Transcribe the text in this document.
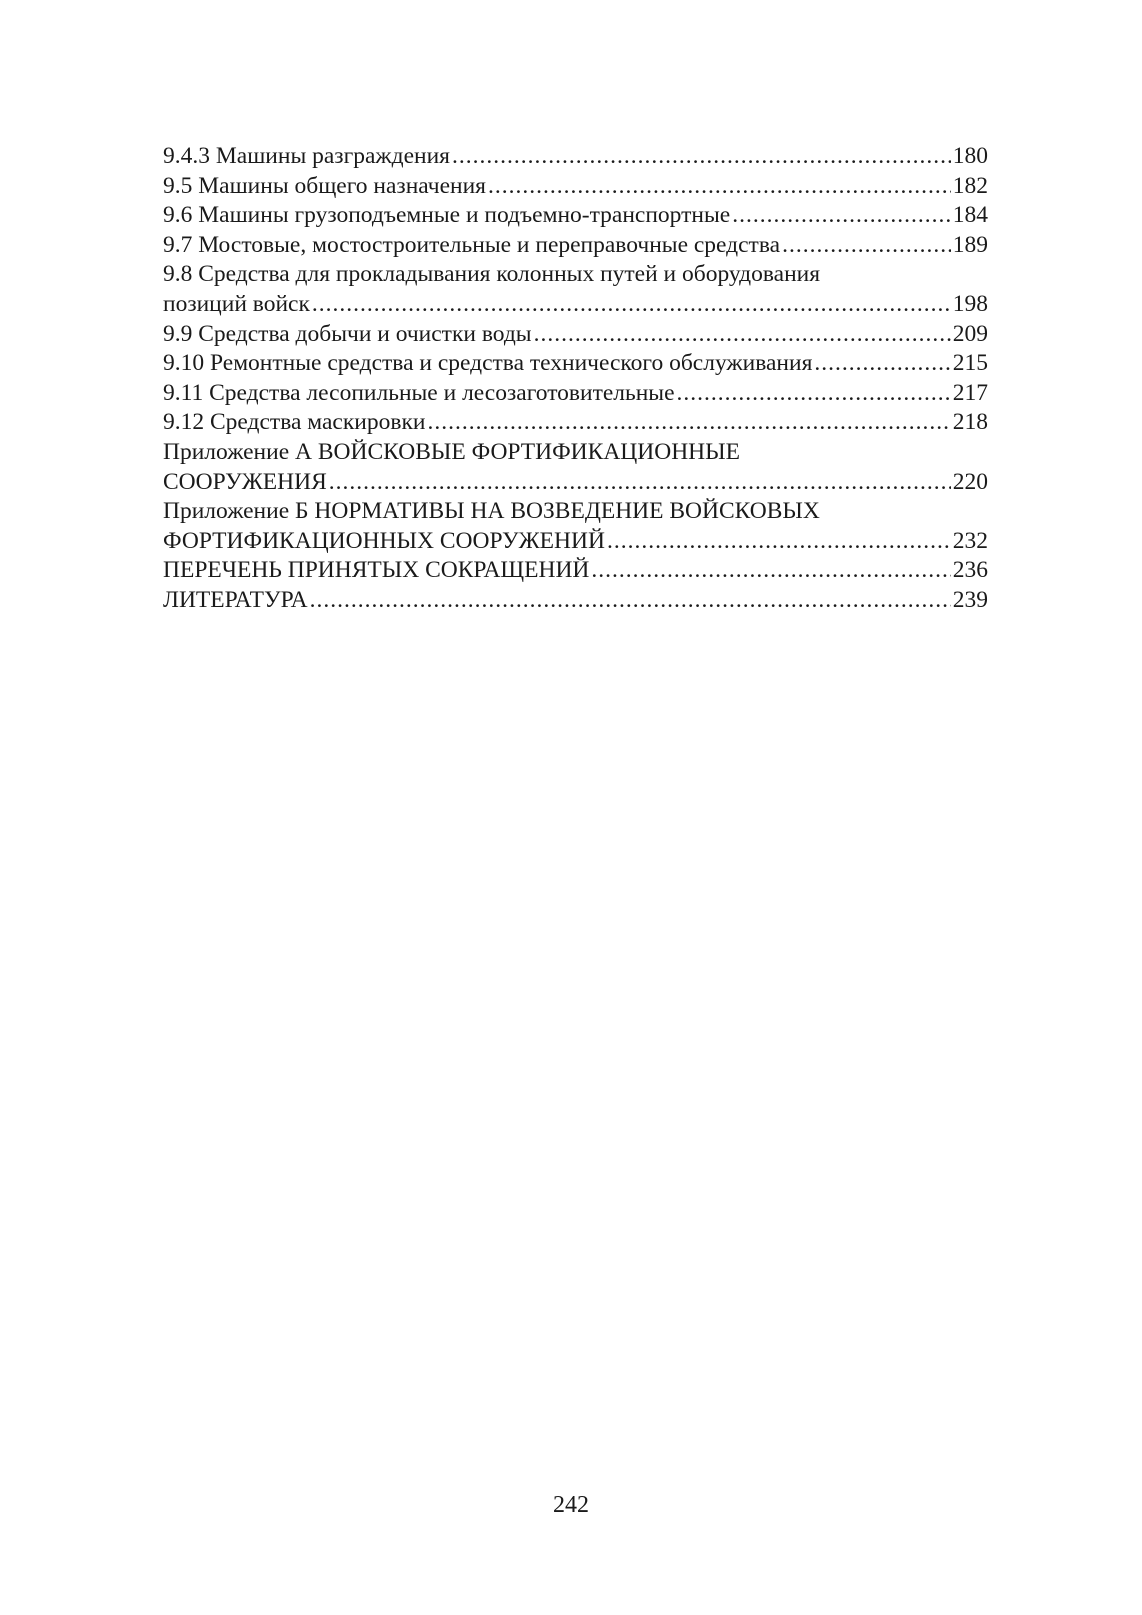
9.4.3 Машины разграждения .....	180
9.5 Машины общего назначения .....	182
9.6 Машины грузоподъемные и подъемно-транспортные .....	184
9.7 Мостовые, мостостроительные и переправочные средства .....	189
9.8 Средства для прокладывания колонных путей и оборудования
позиций войск .....	198
9.9 Средства добычи и очистки воды .....	209
9.10 Ремонтные средства и средства технического обслуживания .....	215
9.11 Средства лесопильные и лесозаготовительные .....	217
9.12 Средства маскировки .....	218
Приложение А ВОЙСКОВЫЕ ФОРТИФИКАЦИОННЫЕ
СООРУЖЕНИЯ .....	220
Приложение Б НОРМАТИВЫ НА ВОЗВЕДЕНИЕ ВОЙСКОВЫХ
ФОРТИФИКАЦИОННЫХ СООРУЖЕНИЙ .....	232
ПЕРЕЧЕНЬ ПРИНЯТЫХ СОКРАЩЕНИЙ .....	236
ЛИТЕРАТУРА .....	239
242
